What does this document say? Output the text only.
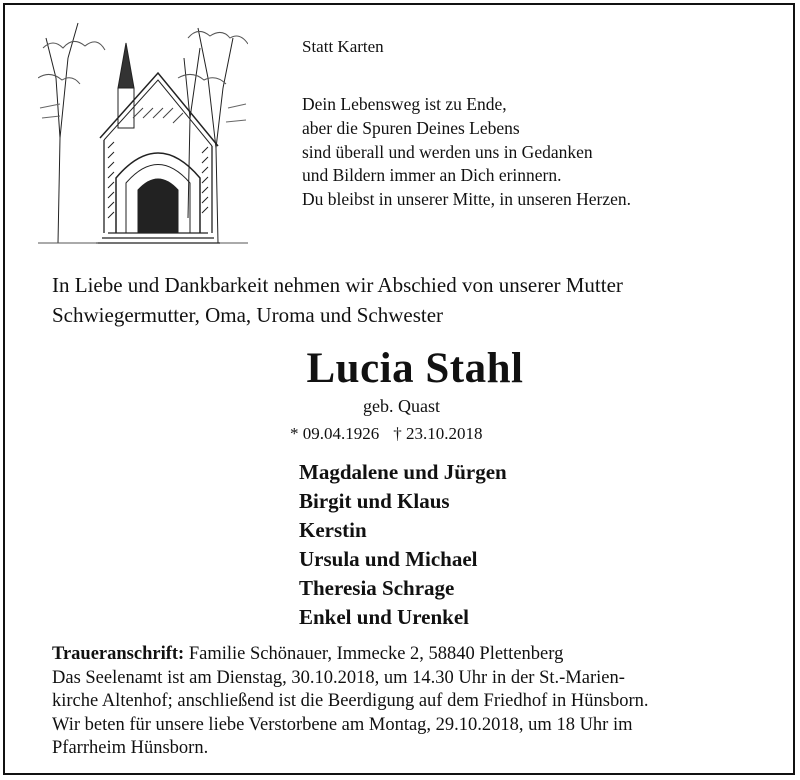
Statt Karten
Dein Lebensweg ist zu Ende,
aber die Spuren Deines Lebens
sind überall und werden uns in Gedanken
und Bildern immer an Dich erinnern.
Du bleibst in unserer Mitte, in unseren Herzen.
In Liebe und Dankbarkeit nehmen wir Abschied von unserer Mutter
Schwiegermutter, Oma, Uroma und Schwester
Lucia Stahl
geb. Quast
* 09.04.1926 † 23.10.2018
Magdalene und Jürgen
Birgit und Klaus
Kerstin
Ursula und Michael
Theresia Schrage
Enkel und Urenkel
Traueranschrift: Familie Schönauer, Immecke 2, 58840 Plettenberg
Das Seelenamt ist am Dienstag, 30.10.2018, um 14.30 Uhr in der St.-Marien-
kirche Altenhof; anschließend ist die Beerdigung auf dem Friedhof in Hünsborn.
Wir beten für unsere liebe Verstorbene am Montag, 29.10.2018, um 18 Uhr im
Pfarrheim Hünsborn.
